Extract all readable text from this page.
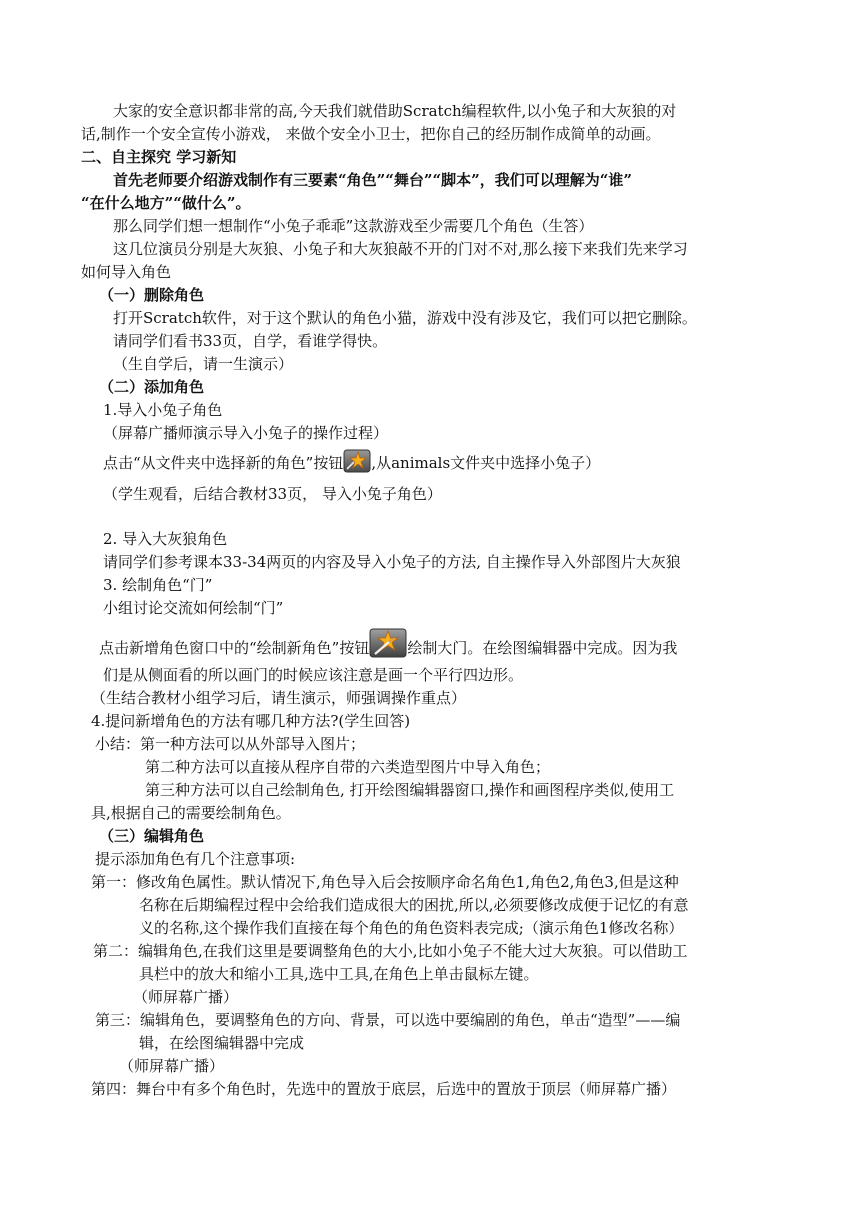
大家的安全意识都非常的高,今天我们就借助Scratch编程软件,以小兔子和大灰狼的对
话,制作一个安全宣传小游戏， 来做个安全小卫士，把你自己的经历制作成简单的动画。
二、自主探究 学习新知
首先老师要介绍游戏制作有三要素“角色”“舞台”“脚本”，我们可以理解为“谁”
“在什么地方”“做什么”。
那么同学们想一想制作“小兔子乖乖”这款游戏至少需要几个角色（生答）
这几位演员分别是大灰狼、小兔子和大灰狼敲不开的门对不对,那么接下来我们先来学习
如何导入角色
（一）删除角色
打开Scratch软件，对于这个默认的角色小猫，游戏中没有涉及它，我们可以把它删除。
请同学们看书33页，自学，看谁学得快。
（生自学后，请一生演示）
（二）添加角色
1.导入小兔子角色
（屏幕广播师演示导入小兔子的操作过程）
点击“从文件夹中选择新的角色”按钮 ,从animals文件夹中选择小兔子）
（学生观看，后结合教材33页， 导入小兔子角色）
2. 导入大灰狼角色
请同学们参考课本33-34两页的内容及导入小兔子的方法, 自主操作导入外部图片大灰狼
3. 绘制角色“门”
小组讨论交流如何绘制“门”
点击新增角色窗口中的“绘制新角色”按钮	绘制大门。在绘图编辑器中完成。因为我
们是从侧面看的所以画门的时候应该注意是画一个平行四边形。
（生结合教材小组学习后，请生演示，师强调操作重点）
4.提问新增角色的方法有哪几种方法?(学生回答)
小结：第一种方法可以从外部导入图片；
第二种方法可以直接从程序自带的六类造型图片中导入角色；
第三种方法可以自己绘制角色, 打开绘图编辑器窗口,操作和画图程序类似,使用工
具,根据自己的需要绘制角色。
（三）编辑角色
提示添加角色有几个注意事项:
第一：修改角色属性。默认情况下,角色导入后会按顺序命名角色1,角色2,角色3,但是这种
名称在后期编程过程中会给我们造成很大的困扰,所以,必须要修改成便于记忆的有意
义的名称,这个操作我们直接在每个角色的角色资料表完成;（演示角色1修改名称）
第二：编辑角色,在我们这里是要调整角色的大小,比如小兔子不能大过大灰狼。可以借助工
具栏中的放大和缩小工具,选中工具,在角色上单击鼠标左键。
（师屏幕广播）
第三：编辑角色，要调整角色的方向、背景，可以选中要编剧的角色，单击“造型”——编
辑，在绘图编辑器中完成
（师屏幕广播）
第四：舞台中有多个角色时，先选中的置放于底层，后选中的置放于顶层（师屏幕广播）
